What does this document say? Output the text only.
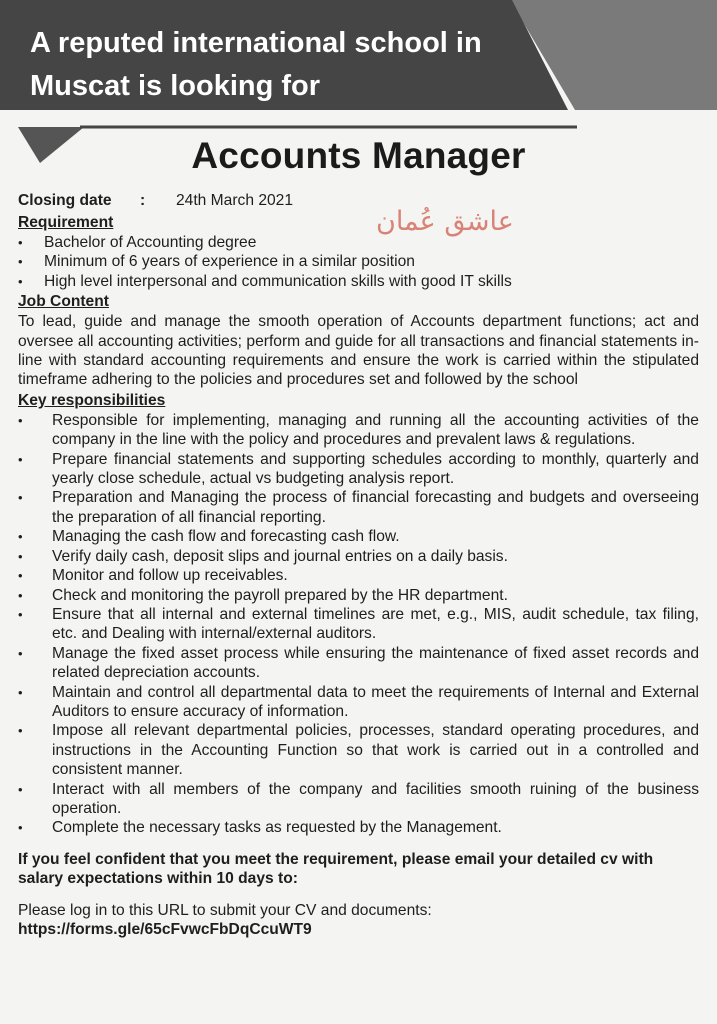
A reputed international school in Muscat is looking for
Accounts Manager
عاشق عُمان
Closing date	:	24th March 2021

Requirement

• Bachelor of Accounting degree
• Minimum of 6 years of experience in a similar position
• High level interpersonal and communication skills with good IT skills

Job Content

To lead, guide and manage the smooth operation of Accounts department functions; act and oversee all accounting activities; perform and guide for all transactions and financial statements in-line with standard accounting requirements and ensure the work is carried within the stipulated timeframe adhering to the policies and procedures set and followed by the school

Key responsibilities

• Responsible for implementing, managing and running all the accounting activities of the company in the line with the policy and procedures and prevalent laws & regulations.
• Prepare financial statements and supporting schedules according to monthly, quarterly and yearly close schedule, actual vs budgeting analysis report.
• Preparation and Managing the process of financial forecasting and budgets and overseeing the preparation of all financial reporting.
• Managing the cash flow and forecasting cash flow.
• Verify daily cash, deposit slips and journal entries on a daily basis.
• Monitor and follow up receivables.
• Check and monitoring the payroll prepared by the HR department.
• Ensure that all internal and external timelines are met, e.g., MIS, audit schedule, tax filing, etc. and Dealing with internal/external auditors.
• Manage the fixed asset process while ensuring the maintenance of fixed asset records and related depreciation accounts.
• Maintain and control all departmental data to meet the requirements of Internal and External Auditors to ensure accuracy of information.
• Impose all relevant departmental policies, processes, standard operating procedures, and instructions in the Accounting Function so that work is carried out in a controlled and consistent manner.
• Interact with all members of the company and facilities smooth ruining of the business operation.
• Complete the necessary tasks as requested by the Management.

If you feel confident that you meet the requirement, please email your detailed cv with salary expectations within 10 days to:

Please log in to this URL to submit your CV and documents:

https://forms.gle/65cFvwcFbDqCcuWT9
